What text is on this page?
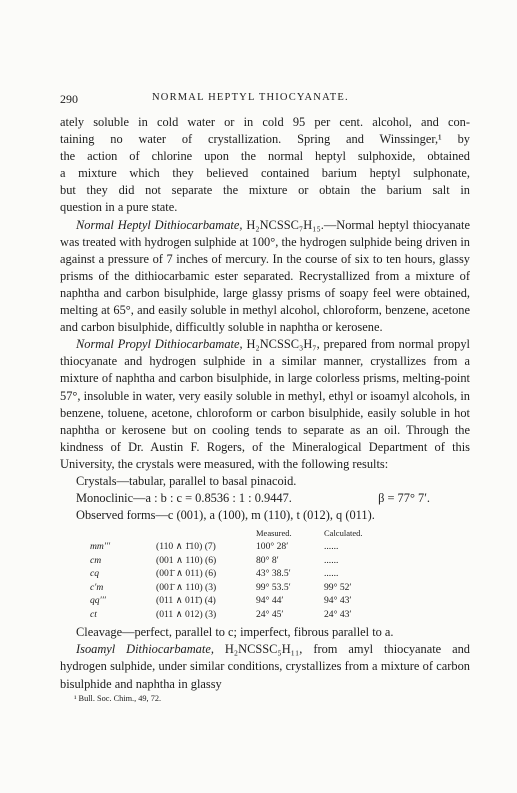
290	NORMAL HEPTYL THIOCYANATE.

ately soluble in cold water or in cold 95 per cent. alcohol, and con-
taining no water of crystallization. Spring and Winssinger,¹ by
the action of chlorine upon the normal heptyl sulphoxide, obtained
a mixture which they believed contained barium heptyl sulphonate,
but they did not separate the mixture or obtain the barium salt in
question in a pure state.

Normal Heptyl Dithiocarbamate, H₂NCSSC₇H₁₅.—Normal heptyl thiocyanate was treated with hydrogen sulphide at 100°, the hydrogen sulphide being driven in against a pressure of 7 inches of mercury. In the course of six to ten hours, glassy prisms of the dithiocarbamic ester separated. Recrystallized from a mixture of naphtha and carbon bisulphide, large glassy prisms of soapy feel were obtained, melting at 65°, and easily soluble in methyl alcohol, chloroform, benzene, acetone and carbon bisulphide, difficultly soluble in naphtha or kerosene.

Normal Propyl Dithiocarbamate, H₂NCSSC₃H₇, prepared from normal propyl thiocyanate and hydrogen sulphide in a similar manner, crystallizes from a mixture of naphtha and carbon bisulphide, in large colorless prisms, melting-point 57°, insoluble in water, very easily soluble in methyl, ethyl or isoamyl alcohols, in benzene, toluene, acetone, chloroform or carbon bisulphide, easily soluble in hot naphtha or kerosene but on cooling tends to separate as an oil. Through the kindness of Dr. Austin F. Rogers, of the Mineralogical Department of this University, the crystals were measured, with the following results:

Crystals—tabular, parallel to basal pinacoid.
Monoclinic—a : b : c = 0.8536 : 1 : 0.9447.	β = 77° 7′.
Observed forms—c (001), a (100), m (110), t (012), q (011).
		Measured.	Calculated.
mm′′′	(110 ∧ 1̄10) (7)	100° 28′	......
cm	(001 ∧ 110) (6)	80° 8′	......
cq	(001̄ ∧ 011) (6)	43° 38.5′	......
c′m	(001̄ ∧ 110) (3)	99° 53.5′	99° 52′
qq′′′	(011 ∧ 011̄) (4)	94° 44′	94° 43′
ct	(011 ∧ 012) (3)	24° 45′	24° 43′

Cleavage—perfect, parallel to c; imperfect, fibrous parallel to a.

Isoamyl Dithiocarbamate, H₂NCSSC₅H₁₁, from amyl thiocyanate and hydrogen sulphide, under similar conditions, crystallizes from a mixture of carbon bisulphide and naphtha in glassy

¹ Bull. Soc. Chim., 49, 72.
